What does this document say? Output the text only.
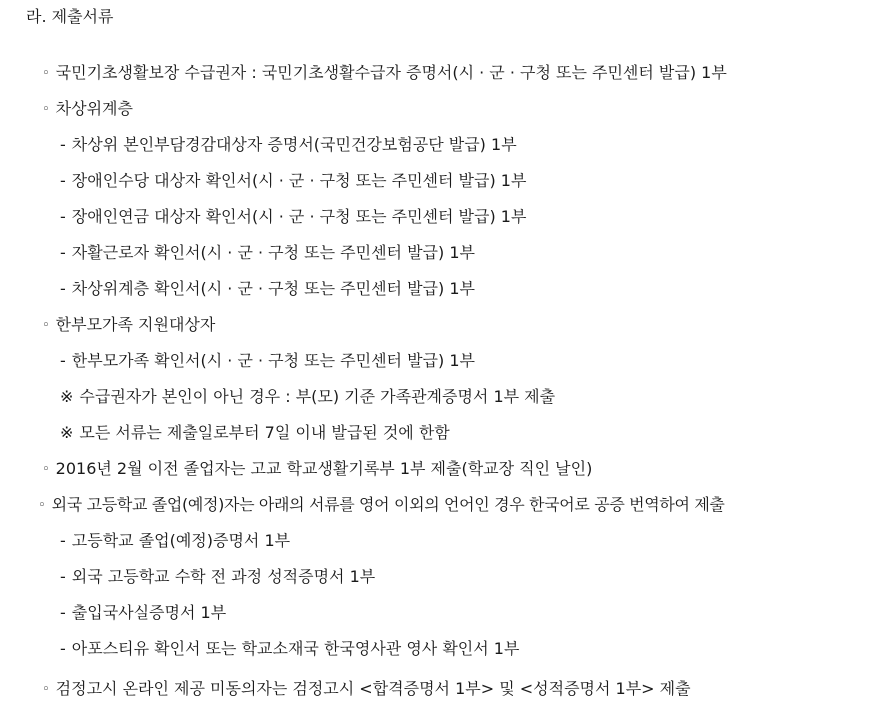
라. 제출서류
◦ 국민기초생활보장 수급권자 : 국민기초생활수급자 증명서(시 · 군 · 구청 또는 주민센터 발급) 1부
◦ 차상위계층
- 차상위 본인부담경감대상자 증명서(국민건강보험공단 발급) 1부
- 장애인수당 대상자 확인서(시 · 군 · 구청 또는 주민센터 발급) 1부
- 장애인연금 대상자 확인서(시 · 군 · 구청 또는 주민센터 발급) 1부
- 자활근로자 확인서(시 · 군 · 구청 또는 주민센터 발급) 1부
- 차상위계층 확인서(시 · 군 · 구청 또는 주민센터 발급) 1부
◦ 한부모가족 지원대상자
- 한부모가족 확인서(시 · 군 · 구청 또는 주민센터 발급) 1부
※ 수급권자가 본인이 아닌 경우 : 부(모) 기준 가족관계증명서 1부 제출
※ 모든 서류는 제출일로부터 7일 이내 발급된 것에 한함
◦ 2016년 2월 이전 졸업자는 고교 학교생활기록부 1부 제출(학교장 직인 날인)
◦ 외국 고등학교 졸업(예정)자는 아래의 서류를 영어 이외의 언어인 경우 한국어로 공증 번역하여 제출
- 고등학교 졸업(예정)증명서 1부
- 외국 고등학교 수학 전 과정 성적증명서 1부
- 출입국사실증명서 1부
- 아포스티유 확인서 또는 학교소재국 한국영사관 영사 확인서 1부
◦ 검정고시 온라인 제공 미동의자는 검정고시 <합격증명서 1부> 및 <성적증명서 1부> 제출
